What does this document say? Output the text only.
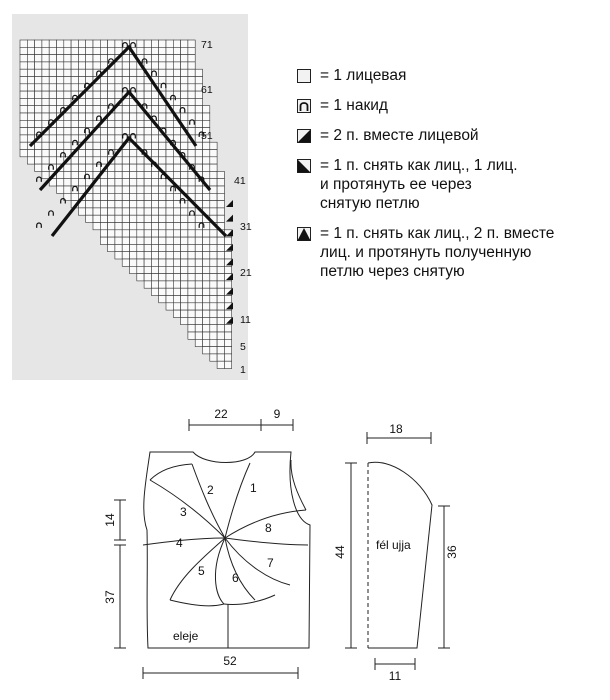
71
61
51
41
31
21
11
5
1
22	9
14
37
52
eleje
1
2
3
4
5 6
7
8
18
44	36
11
fél ujja
= 1 лицевая
= 1 накид
= 2 п. вместе лицевой
= 1 п. снять как лиц., 1 лиц.
и протянуть ее через
снятую петлю
= 1 п. снять как лиц., 2 п. вместе
лиц. и протянуть полученную
петлю через снятую
